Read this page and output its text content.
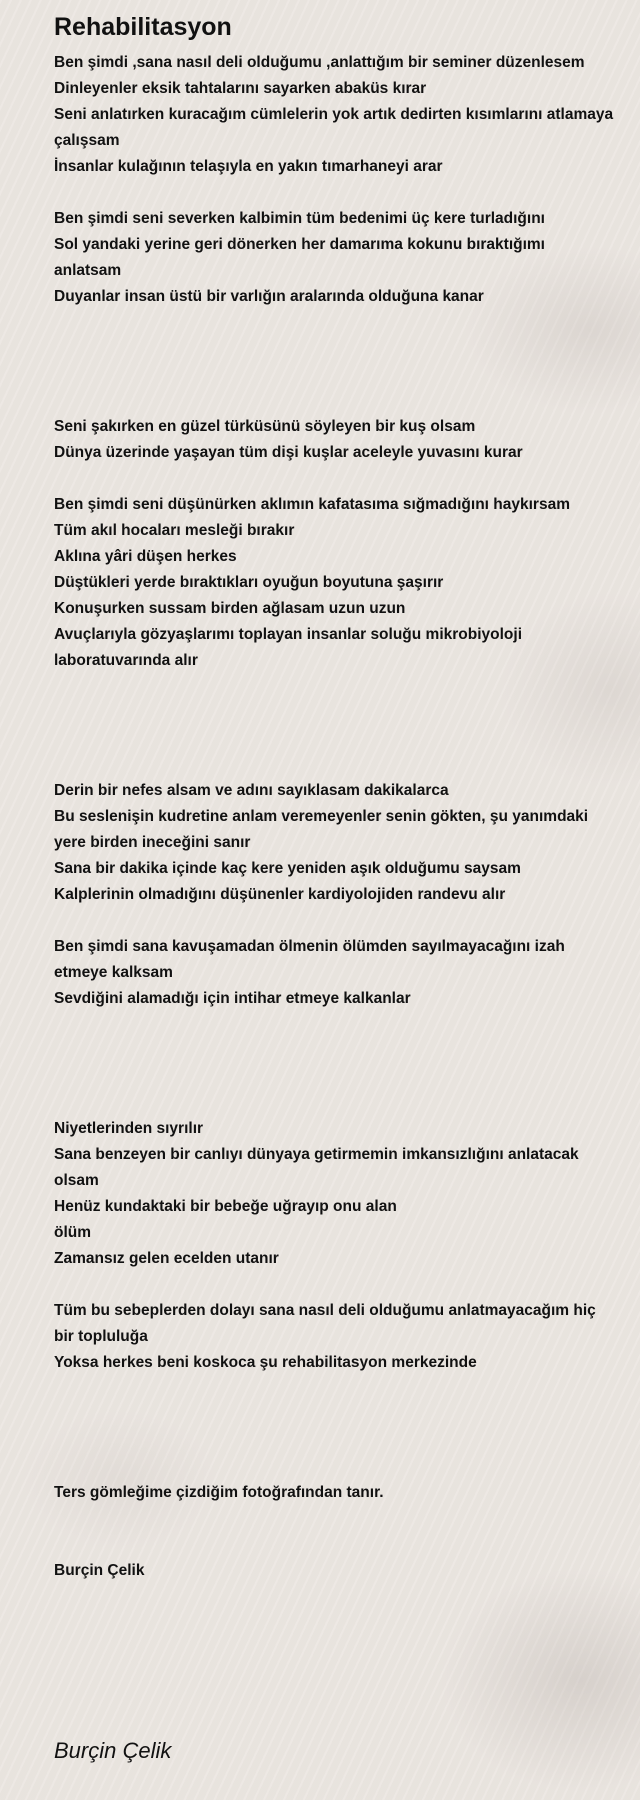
Rehabilitasyon
Ben şimdi ,sana nasıl deli olduğumu ,anlattığım bir seminer düzenlesem
Dinleyenler eksik tahtalarını sayarken abaküs kırar
Seni anlatırken kuracağım cümlelerin yok artık dedirten kısımlarını atlamaya çalışsam
İnsanlar kulağının telaşıyla en yakın tımarhaneyi arar
Ben şimdi seni severken kalbimin tüm bedenimi üç kere turladığını
Sol yandaki yerine geri dönerken her damarıma kokunu bıraktığımı anlatsam
Duyanlar insan üstü bir varlığın aralarında olduğuna kanar
Seni şakırken en güzel türküsünü söyleyen bir kuş olsam
Dünya üzerinde yaşayan tüm dişi kuşlar aceleyle yuvasını kurar
Ben şimdi seni düşünürken aklımın kafatasıma sığmadığını haykırsam
Tüm akıl hocaları mesleği bırakır
Aklına yâri düşen herkes
Düştükleri yerde bıraktıkları oyuğun boyutuna şaşırır
Konuşurken sussam birden ağlasam uzun uzun
Avuçlarıyla gözyaşlarımı toplayan insanlar soluğu mikrobiyoloji laboratuvarında alır
Derin bir nefes alsam ve adını sayıklasam dakikalarca
Bu seslenişin kudretine anlam veremeyenler senin gökten, şu yanımdaki yere birden ineceğini sanır
Sana bir dakika içinde kaç kere yeniden aşık olduğumu saysam
Kalplerinin olmadığını düşünenler kardiyolojiden randevu alır
Ben şimdi sana kavuşamadan ölmenin ölümden sayılmayacağını izah etmeye kalksam
Sevdiğini alamadığı için intihar etmeye kalkanlar
Niyetlerinden sıyrılır
Sana benzeyen bir canlıyı dünyaya getirmemin imkansızlığını anlatacak olsam
Henüz kundaktaki bir bebeğe uğrayıp onu alan
ölüm
Zamansız gelen ecelden utanır
Tüm bu sebeplerden dolayı sana nasıl deli olduğumu anlatmayacağım hiç bir topluluğa
Yoksa herkes beni koskoca şu rehabilitasyon merkezinde
Ters gömleğime çizdiğim fotoğrafından tanır.
Burçin Çelik
Burçin Çelik
